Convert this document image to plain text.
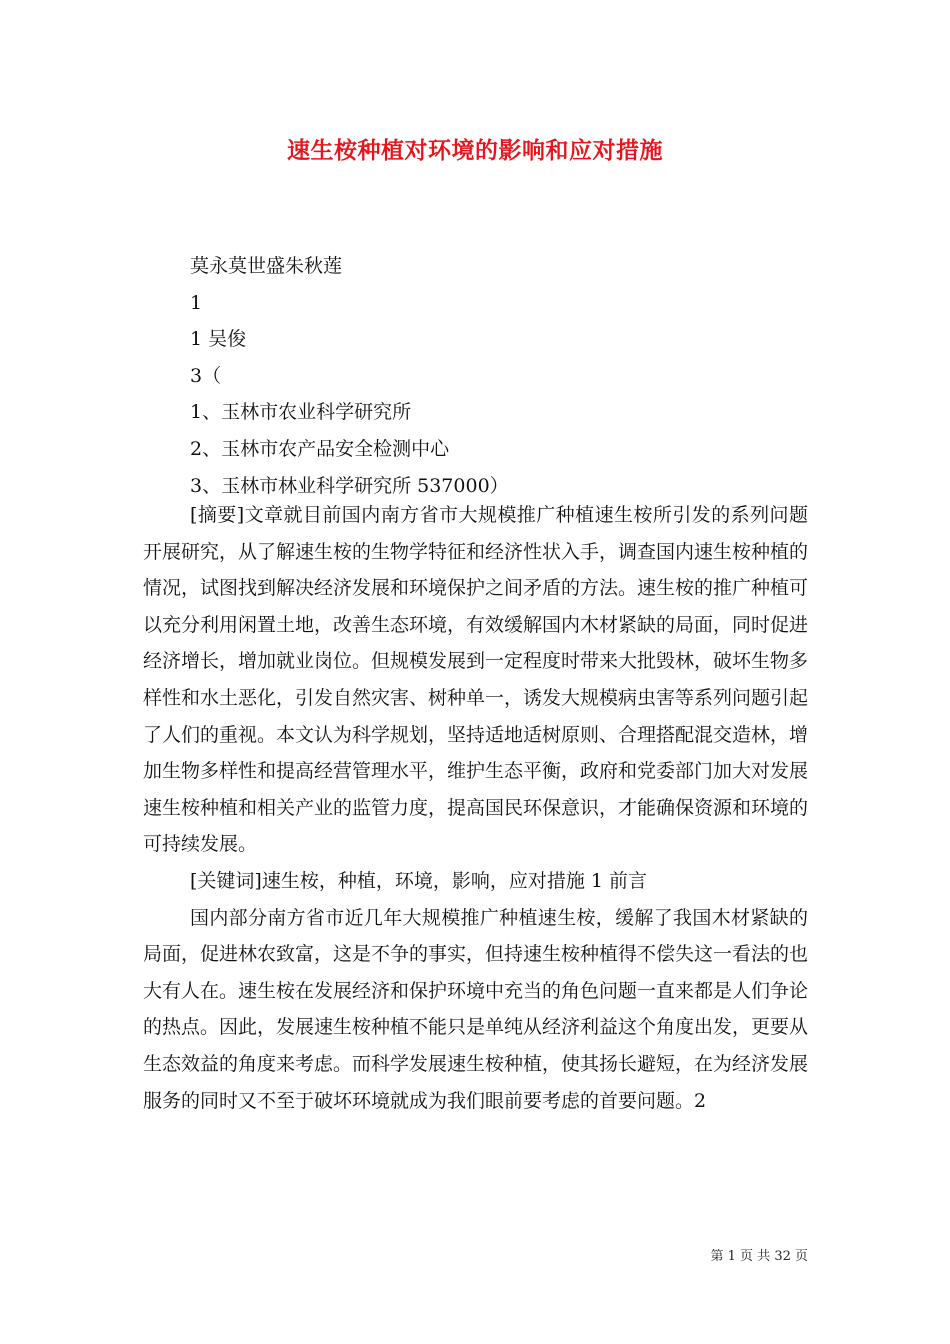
速生桉种植对环境的影响和应对措施
莫永莫世盛朱秋莲
1
1 吴俊
3（
1、玉林市农业科学研究所
2、玉林市农产品安全检测中心
3、玉林市林业科学研究所 537000）

[摘要]文章就目前国内南方省市大规模推广种植速生桉所引发的系列问题开展研究，从了解速生桉的生物学特征和经济性状入手，调查国内速生桉种植的情况，试图找到解决经济发展和环境保护之间矛盾的方法。速生桉的推广种植可以充分利用闲置土地，改善生态环境，有效缓解国内木材紧缺的局面，同时促进经济增长，增加就业岗位。但规模发展到一定程度时带来大批毁林，破坏生物多样性和水土恶化，引发自然灾害、树种单一，诱发大规模病虫害等系列问题引起了人们的重视。本文认为科学规划，坚持适地适树原则、合理搭配混交造林，增加生物多样性和提高经营管理水平，维护生态平衡，政府和党委部门加大对发展速生桉种植和相关产业的监管力度，提高国民环保意识，才能确保资源和环境的可持续发展。

[关键词]速生桉，种植，环境，影响，应对措施 1 前言

国内部分南方省市近几年大规模推广种植速生桉，缓解了我国木材紧缺的局面，促进林农致富，这是不争的事实，但持速生桉种植得不偿失这一看法的也大有人在。速生桉在发展经济和保护环境中充当的角色问题一直来都是人们争论的热点。因此，发展速生桉种植不能只是单纯从经济利益这个角度出发，更要从生态效益的角度来考虑。而科学发展速生桉种植，使其扬长避短，在为经济发展服务的同时又不至于破坏环境就成为我们眼前要考虑的首要问题。2

第 1 页 共 32 页
